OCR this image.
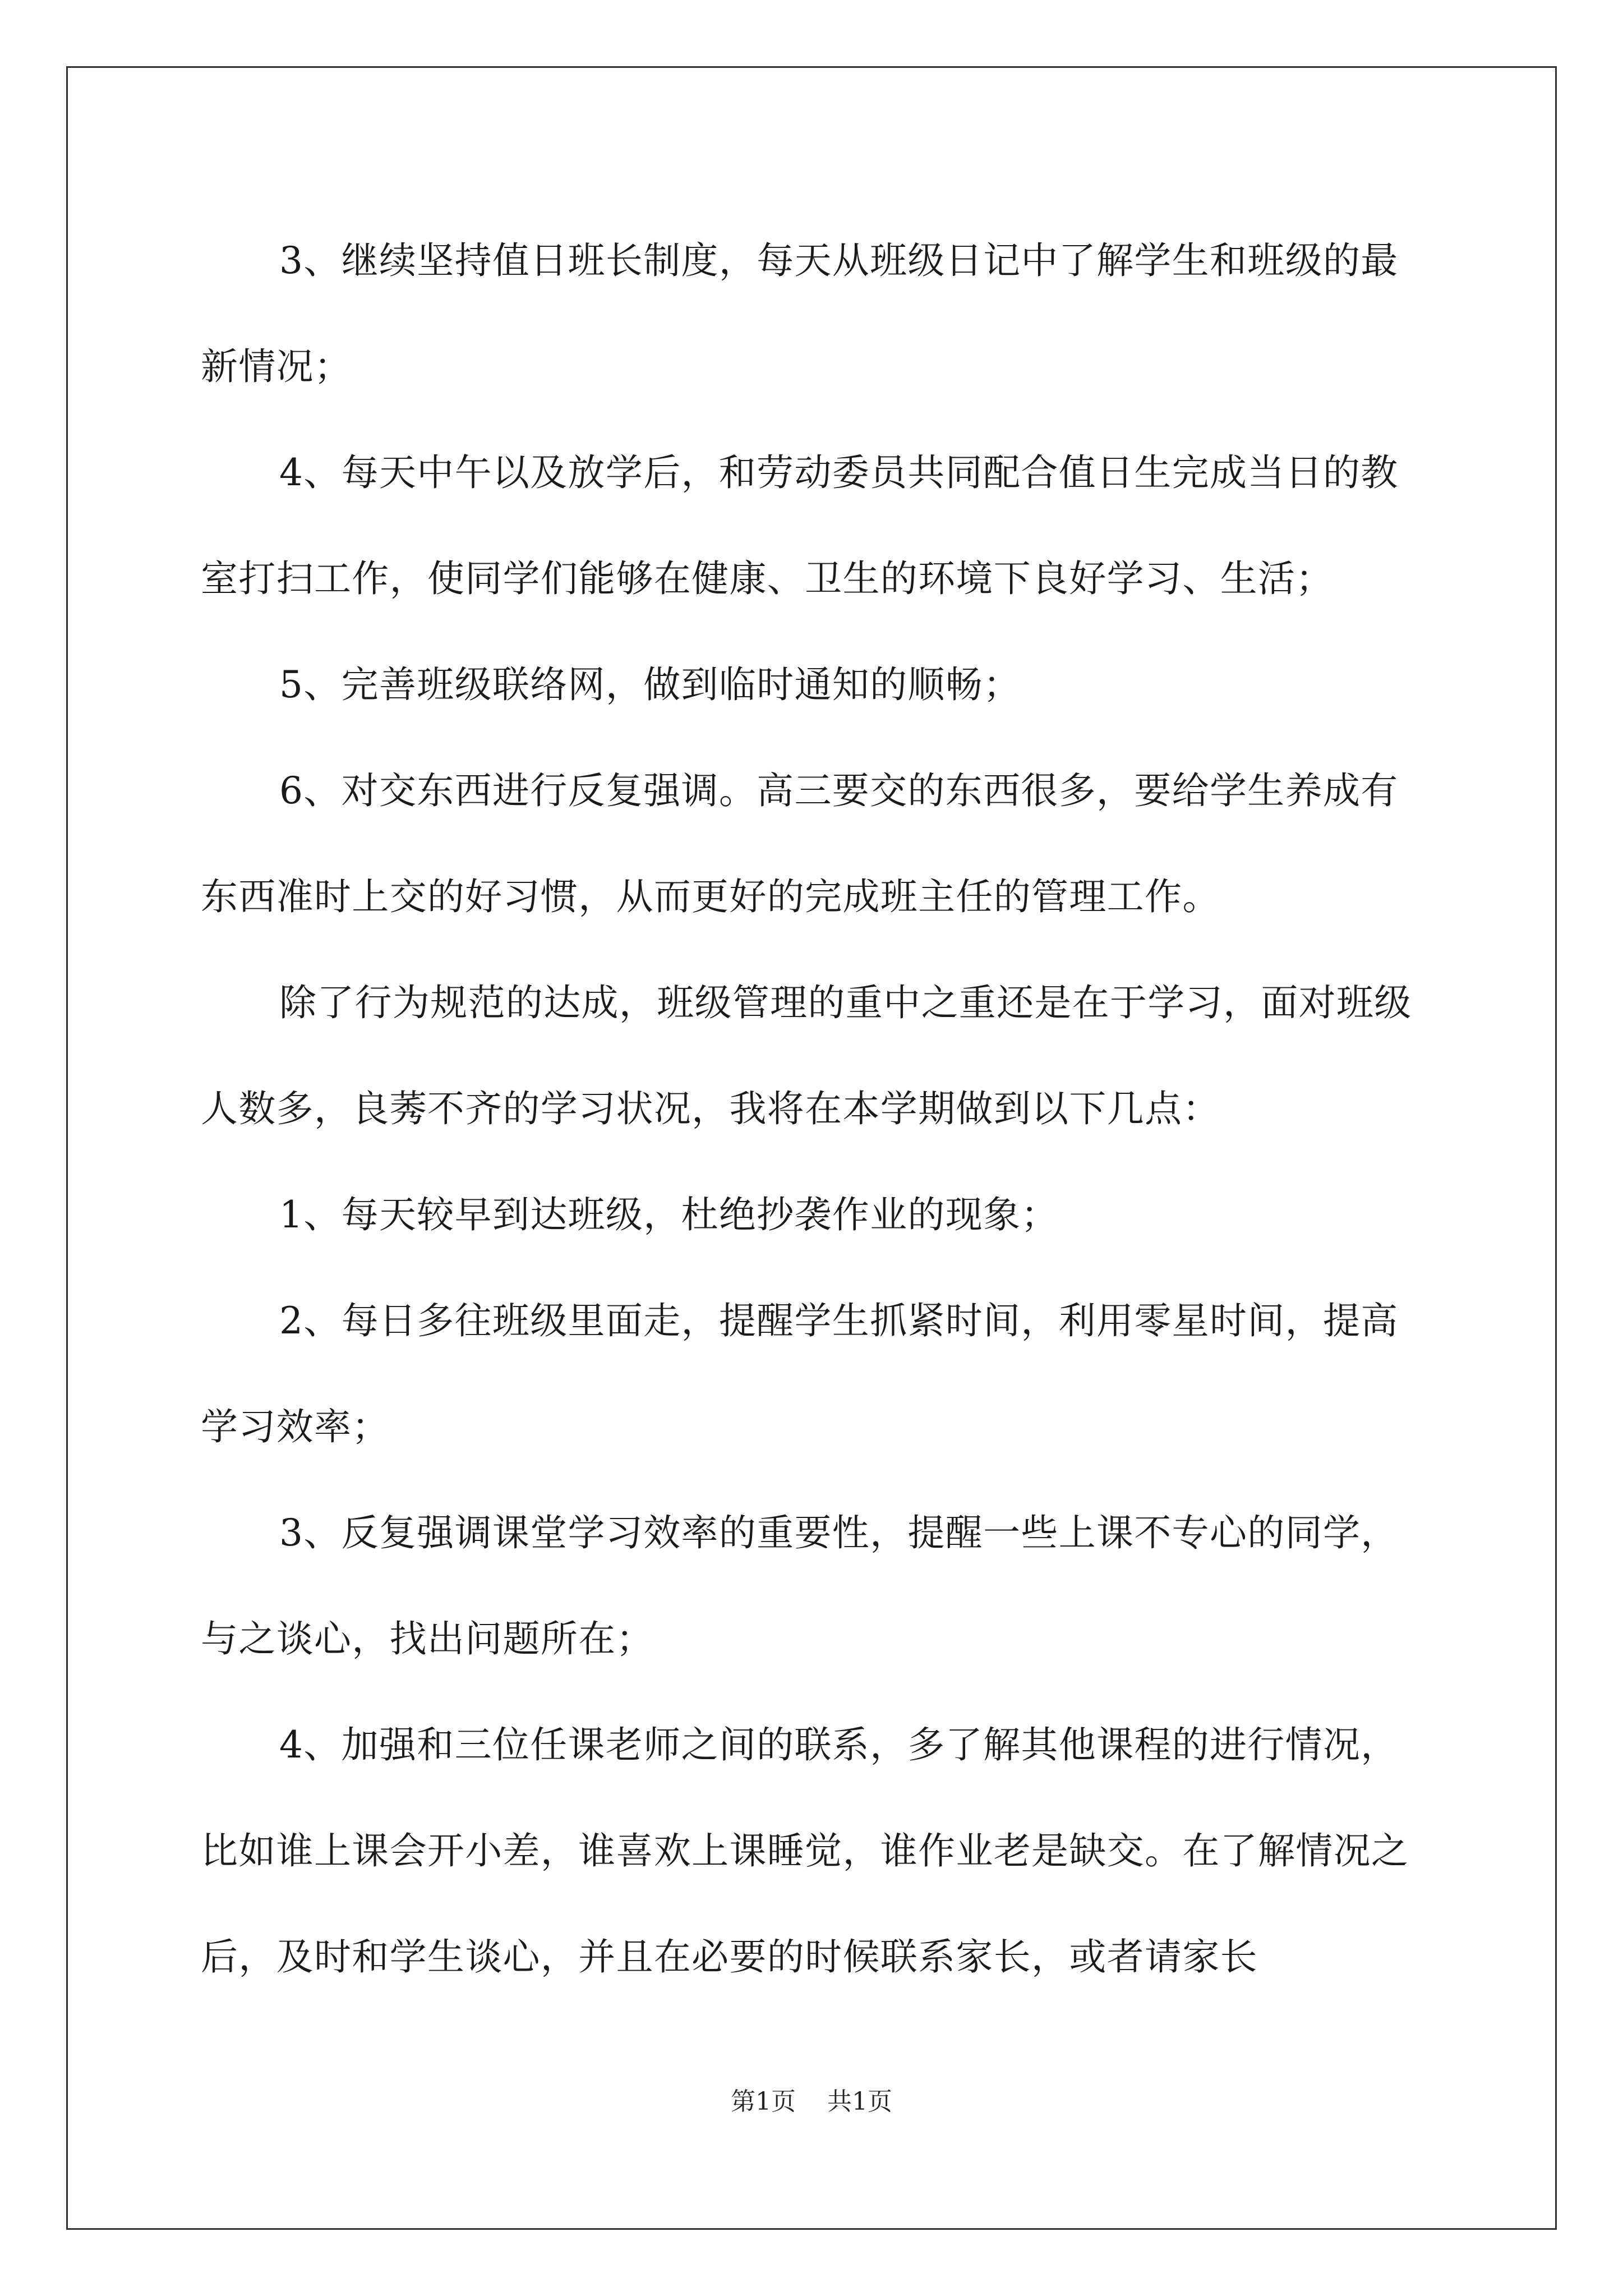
3、继续坚持值日班长制度，每天从班级日记中了解学生和班级的最新情况；

4、每天中午以及放学后，和劳动委员共同配合值日生完成当日的教室打扫工作，使同学们能够在健康、卫生的环境下良好学习、生活；

5、完善班级联络网，做到临时通知的顺畅；

6、对交东西进行反复强调。高三要交的东西很多，要给学生养成有东西准时上交的好习惯，从而更好的完成班主任的管理工作。

除了行为规范的达成，班级管理的重中之重还是在于学习，面对班级人数多，良莠不齐的学习状况，我将在本学期做到以下几点：

1、每天较早到达班级，杜绝抄袭作业的现象；

2、每日多往班级里面走，提醒学生抓紧时间，利用零星时间，提高学习效率；

3、反复强调课堂学习效率的重要性，提醒一些上课不专心的同学，与之谈心，找出问题所在；

4、加强和三位任课老师之间的联系，多了解其他课程的进行情况，比如谁上课会开小差，谁喜欢上课睡觉，谁作业老是缺交。在了解情况之后，及时和学生谈心，并且在必要的时候联系家长，或者请家长

第1页 共1页
